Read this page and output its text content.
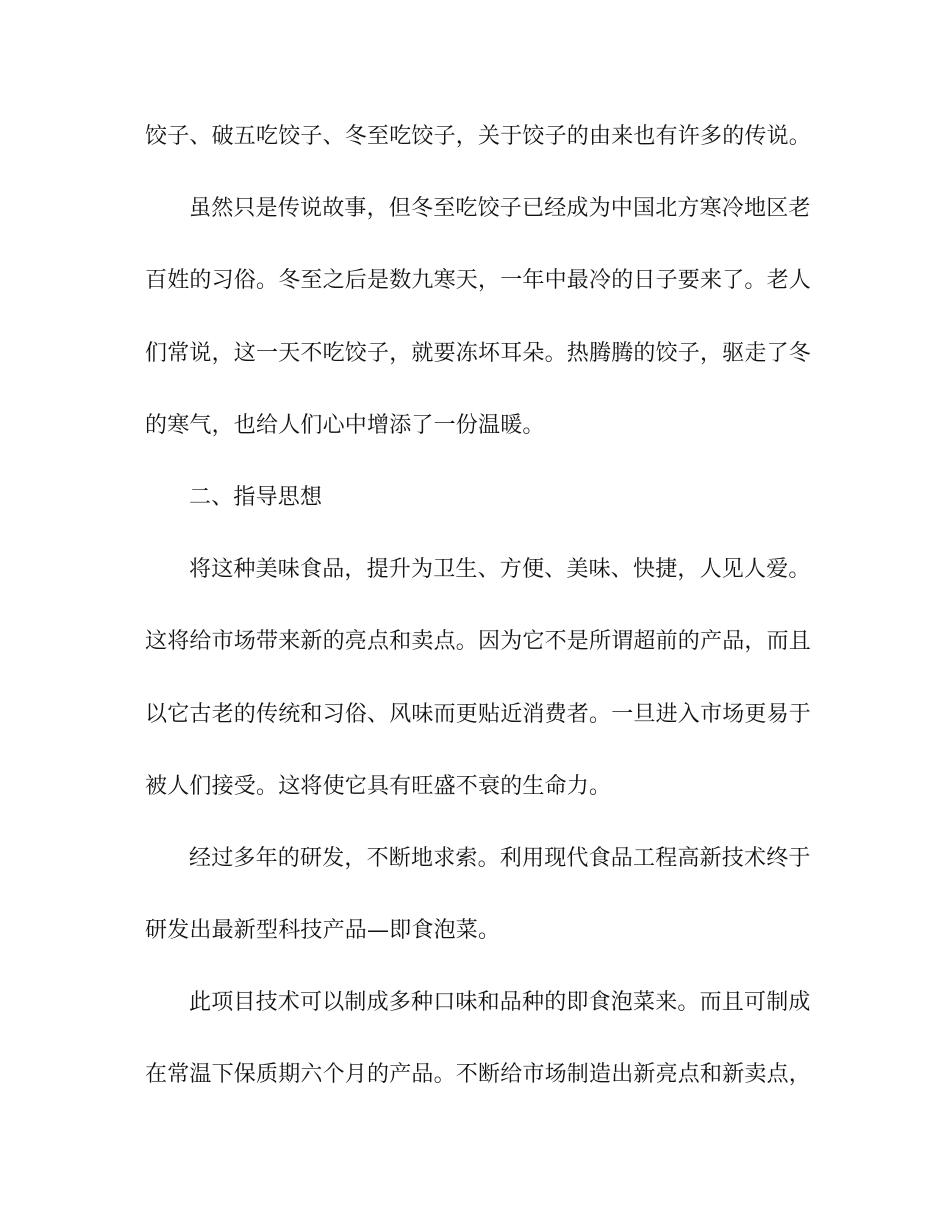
饺子、破五吃饺子、冬至吃饺子，关于饺子的由来也有许多的传说。
虽然只是传说故事，但冬至吃饺子已经成为中国北方寒冷地区老
百姓的习俗。冬至之后是数九寒天，一年中最冷的日子要来了。老人
们常说，这一天不吃饺子，就要冻坏耳朵。热腾腾的饺子，驱走了冬
的寒气，也给人们心中增添了一份温暖。
二、指导思想
将这种美味食品，提升为卫生、方便、美味、快捷，人见人爱。
这将给市场带来新的亮点和卖点。因为它不是所谓超前的产品，而且
以它古老的传统和习俗、风味而更贴近消费者。一旦进入市场更易于
被人们接受。这将使它具有旺盛不衰的生命力。
经过多年的研发，不断地求索。利用现代食品工程高新技术终于
研发出最新型科技产品—即食泡菜。
此项目技术可以制成多种口味和品种的即食泡菜来。而且可制成
在常温下保质期六个月的产品。不断给市场制造出新亮点和新卖点，
